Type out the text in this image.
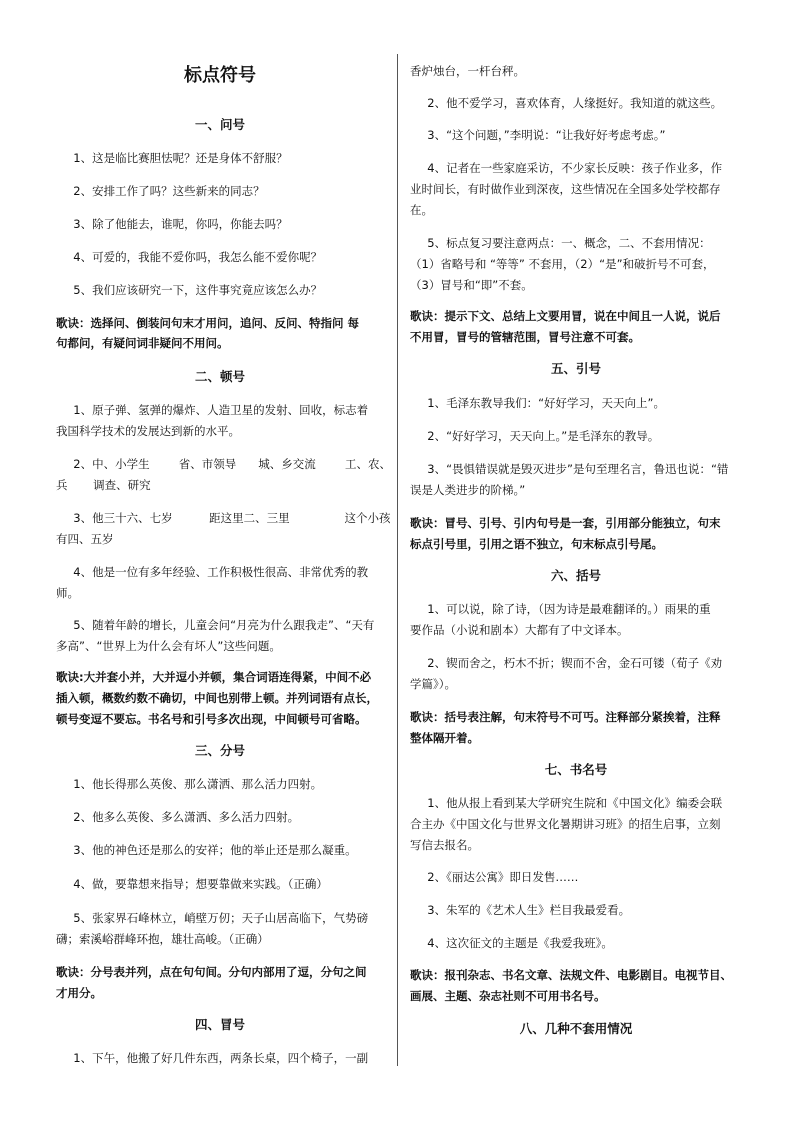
标点符号
一、问号
1、这是临比赛胆怯呢？还是身体不舒服？
2、安排工作了吗？这些新来的同志？
3、除了他能去，谁呢，你吗，你能去吗？
4、可爱的，我能不爱你吗，我怎么能不爱你呢？
5、我们应该研究一下，这件事究竟应该怎么办？
歌诀：选择问、倒装问句末才用问，追问、反问、特指问 每
句都问，有疑问词非疑问不用问。
二、顿号
1、原子弹、氢弹的爆炸、人造卫星的发射、回收，标志着
我国科学技术的发展达到新的水平。
2、中、小学生        省、市领导      城、乡交流        工、农、
兵       调查、研究
3、他三十六、七岁          距这里二、三里               这个小孩
有四、五岁
4、他是一位有多年经验、工作积极性很高、非常优秀的教
师。
5、随着年龄的增长，儿童会问“月亮为什么跟我走”、“天有
多高”、“世界上为什么会有坏人”这些问题。
歌诀:大并套小并，大并逗小并顿，集合词语连得紧，中间不必
插入顿，概数约数不确切，中间也别带上顿。并列词语有点长，
顿号变逗不要忘。书名号和引号多次出现，中间顿号可省略。
三、分号
1、他长得那么英俊、那么潇洒、那么活力四射。
2、他多么英俊、多么潇洒、多么活力四射。
3、他的神色还是那么的安祥；他的举止还是那么凝重。
4、做，要靠想来指导；想要靠做来实践。（正确）
5、张家界石峰林立，峭壁万仞；天子山居高临下，气势磅
礴；索溪峪群峰环抱，雄壮高峻。（正确）
歌诀：分号表并列，点在句句间。分句内部用了逗，分句之间
才用分。
四、冒号
1、下午，他搬了好几件东西，两条长桌，四个椅子，一副
香炉烛台，一杆台秤。
2、他不爱学习，喜欢体育，人缘挺好。我知道的就这些。
3、“这个问题，”李明说：“让我好好考虑考虑。”
4、记者在一些家庭采访，不少家长反映：孩子作业多，作
业时间长，有时做作业到深夜，这些情况在全国多处学校都存
在。
5、标点复习要注意两点：一、概念，二、不套用情况：
（1）省略号和 “等等” 不套用，（2）“是”和破折号不可套，
（3）冒号和“即”不套。
歌诀：提示下文、总结上文要用冒，说在中间且一人说，说后
不用冒，冒号的管辖范围，冒号注意不可套。
五、引号
1、毛泽东教导我们：“好好学习，天天向上”。
2、“好好学习，天天向上。”是毛泽东的教导。
3、“畏惧错误就是毁灭进步”是句至理名言，鲁迅也说：“错
误是人类进步的阶梯。”
歌诀：冒号、引号、引内句号是一套，引用部分能独立，句末
标点引号里，引用之语不独立，句末标点引号尾。
六、括号
1、可以说，除了诗，（因为诗是最难翻译的。）雨果的重
要作品（小说和剧本）大都有了中文译本。
2、锲而舍之，朽木不折；锲而不舍，金石可镂（荀子《劝
学篇》）。
歌诀：括号表注解，句末符号不可丐。注释部分紧挨着，注释
整体隔开着。
七、书名号
1、他从报上看到某大学研究生院和《中国文化》编委会联
合主办《中国文化与世界文化暑期讲习班》的招生启事，立刻
写信去报名。
2、《丽达公寓》即日发售……
3、朱军的《艺术人生》栏目我最爱看。
4、这次征文的主题是《我爱我班》。
歌诀：报刊杂志、书名文章、法规文件、电影剧目。电视节目、
画展、主题、杂志社则不可用书名号。
八、几种不套用情况
